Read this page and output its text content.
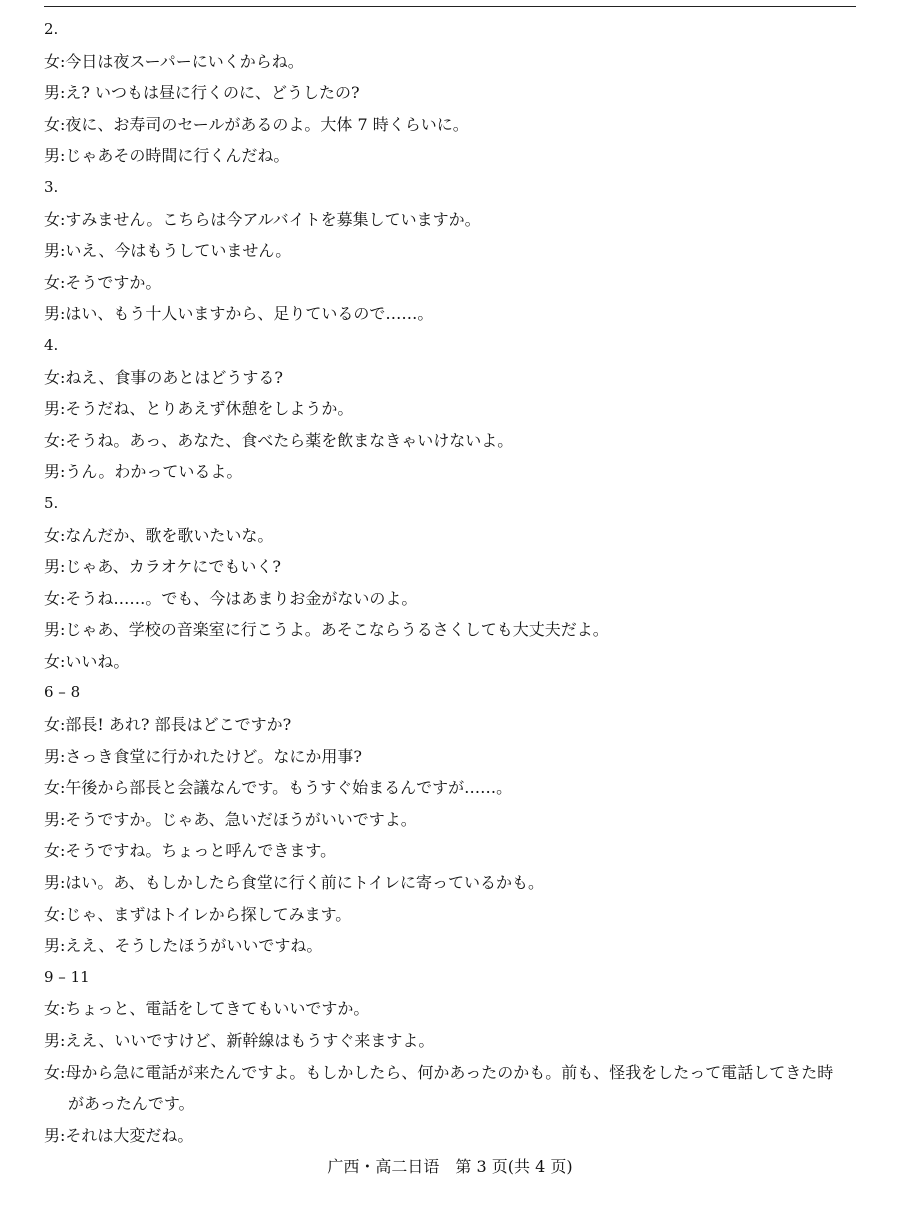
2.
女:今日は夜スーパーにいくからね。
男:え? いつもは昼に行くのに、どうしたの?
女:夜に、お寿司のセールがあるのよ。大体 7 時くらいに。
男:じゃあその時間に行くんだね。
3.
女:すみません。こちらは今アルバイトを募集していますか。
男:いえ、今はもうしていません。
女:そうですか。
男:はい、もう十人いますから、足りているので……。
4.
女:ねえ、食事のあとはどうする?
男:そうだね、とりあえず休憩をしようか。
女:そうね。あっ、あなた、食べたら薬を飲まなきゃいけないよ。
男:うん。わかっているよ。
5.
女:なんだか、歌を歌いたいな。
男:じゃあ、カラオケにでもいく?
女:そうね……。でも、今はあまりお金がないのよ。
男:じゃあ、学校の音楽室に行こうよ。あそこならうるさくしても大丈夫だよ。
女:いいね。
6 – 8
女:部長! あれ? 部長はどこですか?
男:さっき食堂に行かれたけど。なにか用事?
女:午後から部長と会議なんです。もうすぐ始まるんですが……。
男:そうですか。じゃあ、急いだほうがいいですよ。
女:そうですね。ちょっと呼んできます。
男:はい。あ、もしかしたら食堂に行く前にトイレに寄っているかも。
女:じゃ、まずはトイレから探してみます。
男:ええ、そうしたほうがいいですね。
9 – 11
女:ちょっと、電話をしてきてもいいですか。
男:ええ、いいですけど、新幹線はもうすぐ来ますよ。
女:母から急に電話が来たんですよ。もしかしたら、何かあったのかも。前も、怪我をしたって電話してきた時
があったんです。
男:それは大変だね。
广西・高二日语　第 3 页(共 4 页)
